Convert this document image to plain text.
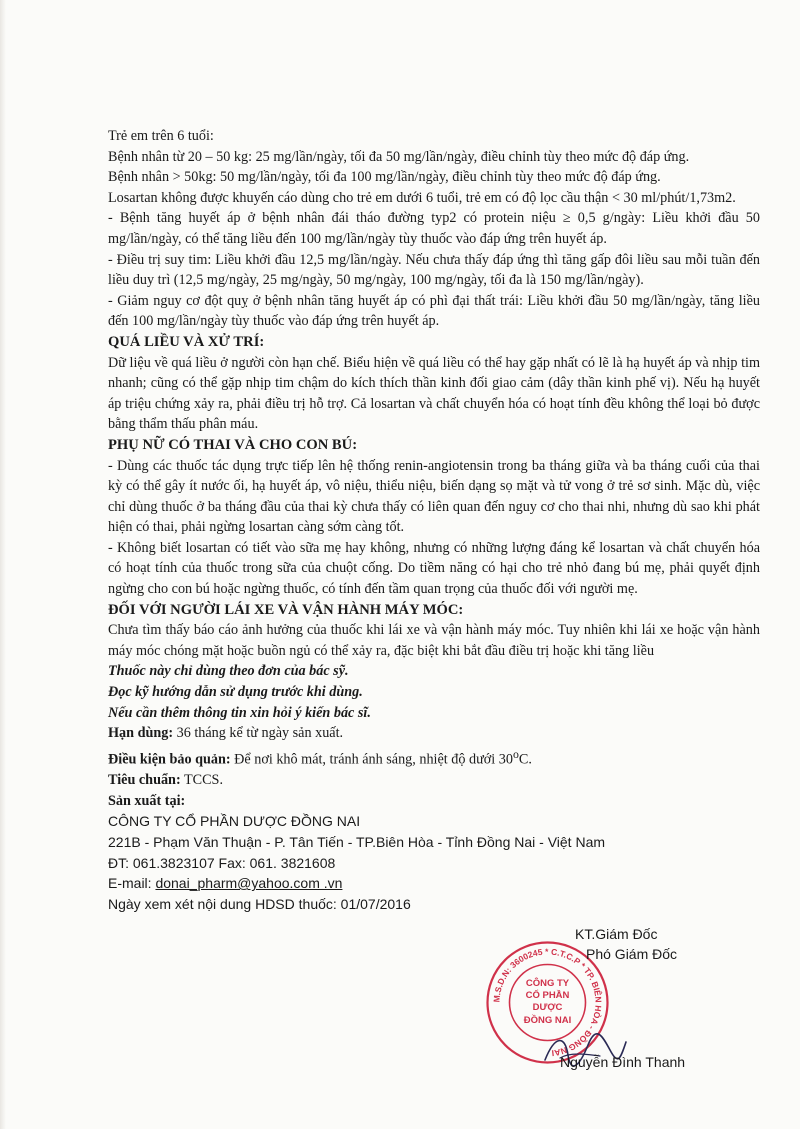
Trẻ em trên 6 tuổi:

Bệnh nhân từ 20 – 50 kg: 25 mg/lần/ngày, tối đa 50 mg/lần/ngày, điều chỉnh tùy theo mức độ đáp ứng.

Bệnh nhân > 50kg: 50 mg/lần/ngày, tối đa 100 mg/lần/ngày, điều chỉnh tùy theo mức độ đáp ứng.

Losartan không được khuyến cáo dùng cho trẻ em dưới 6 tuổi, trẻ em có độ lọc cầu thận < 30 ml/phút/1,73m2.

- Bệnh tăng huyết áp ở bệnh nhân đái tháo đường typ2 có protein niệu ≥ 0,5 g/ngày: Liều khởi đầu 50 mg/lần/ngày, có thể tăng liều đến 100 mg/lần/ngày tùy thuốc vào đáp ứng trên huyết áp.

- Điều trị suy tim: Liều khởi đầu 12,5 mg/lần/ngày. Nếu chưa thấy đáp ứng thì tăng gấp đôi liều sau mỗi tuần đến liều duy trì (12,5 mg/ngày, 25 mg/ngày, 50 mg/ngày, 100 mg/ngày, tối đa là 150 mg/lần/ngày).

- Giảm nguy cơ đột quỵ ở bệnh nhân tăng huyết áp có phì đại thất trái: Liều khởi đầu 50 mg/lần/ngày, tăng liều đến 100 mg/lần/ngày tùy thuốc vào đáp ứng trên huyết áp.

QUÁ LIỀU VÀ XỬ TRÍ:

Dữ liệu về quá liều ở người còn hạn chế. Biểu hiện về quá liều có thể hay gặp nhất có lẽ là hạ huyết áp và nhịp tim nhanh; cũng có thể gặp nhịp tim chậm do kích thích thần kinh đối giao cảm (dây thần kinh phế vị). Nếu hạ huyết áp triệu chứng xảy ra, phải điều trị hỗ trợ. Cả losartan và chất chuyển hóa có hoạt tính đều không thể loại bỏ được bằng thẩm thấu phân máu.

PHỤ NỮ CÓ THAI VÀ CHO CON BÚ:

- Dùng các thuốc tác dụng trực tiếp lên hệ thống renin-angiotensin trong ba tháng giữa và ba tháng cuối của thai kỳ có thể gây ít nước ối, hạ huyết áp, vô niệu, thiểu niệu, biến dạng sọ mặt và tử vong ở trẻ sơ sinh. Mặc dù, việc chỉ dùng thuốc ở ba tháng đầu của thai kỳ chưa thấy có liên quan đến nguy cơ cho thai nhi, nhưng dù sao khi phát hiện có thai, phải ngừng losartan càng sớm càng tốt.

- Không biết losartan có tiết vào sữa mẹ hay không, nhưng có những lượng đáng kể losartan và chất chuyển hóa có hoạt tính của thuốc trong sữa của chuột cống. Do tiềm năng có hại cho trẻ nhỏ đang bú mẹ, phải quyết định ngừng cho con bú hoặc ngừng thuốc, có tính đến tầm quan trọng của thuốc đối với người mẹ.

ĐỐI VỚI NGƯỜI LÁI XE VÀ VẬN HÀNH MÁY MÓC:

Chưa tìm thấy báo cáo ảnh hưởng của thuốc khi lái xe và vận hành máy móc. Tuy nhiên khi lái xe hoặc vận hành máy móc chóng mặt hoặc buồn ngủ có thể xảy ra, đặc biệt khi bắt đầu điều trị hoặc khi tăng liều

Thuốc này chỉ dùng theo đơn của bác sỹ.

Đọc kỹ hướng dẫn sử dụng trước khi dùng.

Nếu cần thêm thông tin xin hỏi ý kiến bác sĩ.

Hạn dùng: 36 tháng kể từ ngày sản xuất.

Điều kiện bảo quản: Để nơi khô mát, tránh ánh sáng, nhiệt độ dưới 30$^o$C.

Tiêu chuẩn: TCCS.

Sản xuất tại:

CÔNG TY CỔ PHẦN DƯỢC ĐỒNG NAI

221B - Phạm Văn Thuận - P. Tân Tiến - TP.Biên Hòa - Tỉnh Đồng Nai - Việt Nam

ĐT: 061.3823107 Fax: 061. 3821608

E-mail: donai_pharm@yahoo.com .vn

Ngày xem xét nội dung HDSD thuốc: 01/07/2016

M.S.D.N: 3600245 * C.T.C.P * TP. BIÊN HÒA - ĐỒNG NAI
CÔNG TY
CỔ PHẦN
DƯỢC
ĐỒNG NAI
KT.Giám Đốc
Phó Giám Đốc
Nguyễn Đình Thanh
